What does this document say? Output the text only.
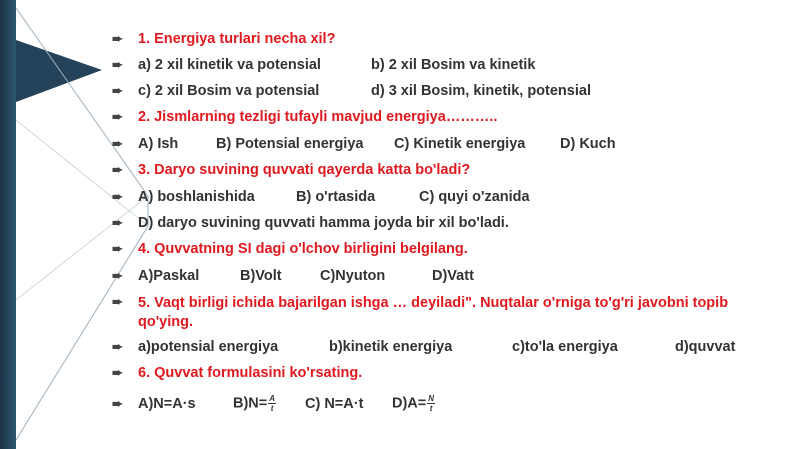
➨	1. Energiya turlari necha xil?
➨	a) 2 xil kinetik va potensial	b) 2 xil Bosim va kinetik
➨	c) 2 xil Bosim va potensial	d) 3 xil Bosim, kinetik, potensial
➨	2. Jismlarning tezligi tufayli mavjud energiya………..
➨	A) Ish	B) Potensial energiya	C) Kinetik energiya	D) Kuch
➨	3. Daryo suvining quvvati qayerda katta bo'ladi?
➨	A) boshlanishida	B) o'rtasida	C) quyi o'zanida
➨	D) daryo suvining quvvati hamma joyda bir xil bo'ladi.
➨	4. Quvvatning SI dagi o'lchov birligini belgilang.
➨	A)Paskal	B)Volt	C)Nyuton	D)Vatt
➨	5. Vaqt birligi ichida bajarilgan ishga … deyiladi". Nuqtalar o'rniga to'g'ri javobni topib qo'ying.
➨	a)potensial energiya	b)kinetik energiya	c)to'la energiya	d)quvvat
➨	6. Quvvat formulasini ko'rsating.
➨	A)N=A·s	$B)N= \frac{A}{t} C$) N=A·t	$D)A= \frac{N}{t}$
